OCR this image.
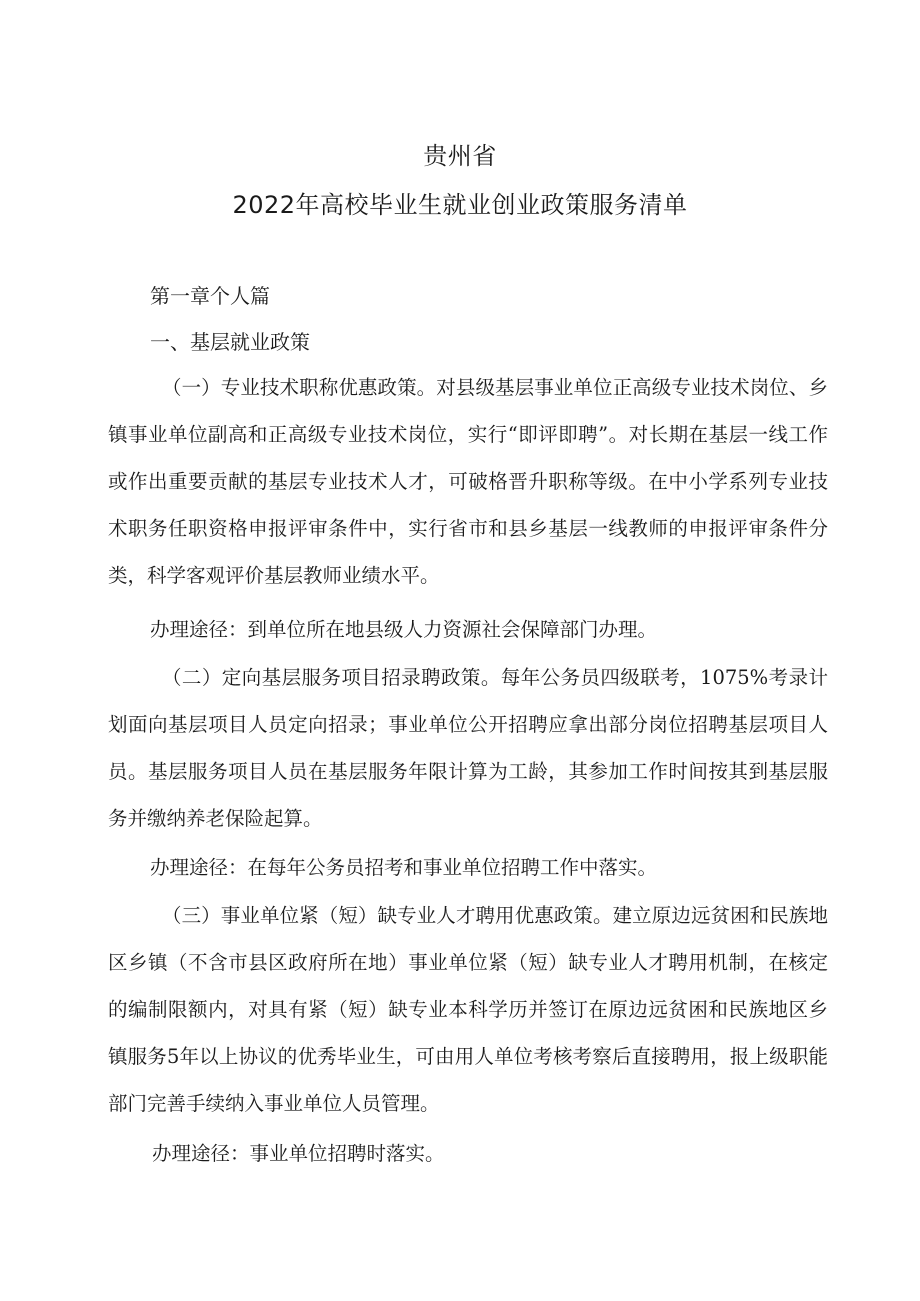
贵州省
2022年高校毕业生就业创业政策服务清单
第一章个人篇
一、基层就业政策

（一）专业技术职称优惠政策。对县级基层事业单位正高级专业技术岗位、乡镇事业单位副高和正高级专业技术岗位，实行“即评即聘”。对长期在基层一线工作或作出重要贡献的基层专业技术人才，可破格晋升职称等级。在中小学系列专业技术职务任职资格申报评审条件中，实行省市和县乡基层一线教师的申报评审条件分类，科学客观评价基层教师业绩水平。

办理途径：到单位所在地县级人力资源社会保障部门办理。

（二）定向基层服务项目招录聘政策。每年公务员四级联考，1075%考录计划面向基层项目人员定向招录；事业单位公开招聘应拿出部分岗位招聘基层项目人员。基层服务项目人员在基层服务年限计算为工龄，其参加工作时间按其到基层服务并缴纳养老保险起算。

办理途径：在每年公务员招考和事业单位招聘工作中落实。

（三）事业单位紧（短）缺专业人才聘用优惠政策。建立原边远贫困和民族地区乡镇（不含市县区政府所在地）事业单位紧（短）缺专业人才聘用机制，在核定的编制限额内，对具有紧（短）缺专业本科学历并签订在原边远贫困和民族地区乡镇服务5年以上协议的优秀毕业生，可由用人单位考核考察后直接聘用，报上级职能部门完善手续纳入事业单位人员管理。

办理途径：事业单位招聘时落实。
